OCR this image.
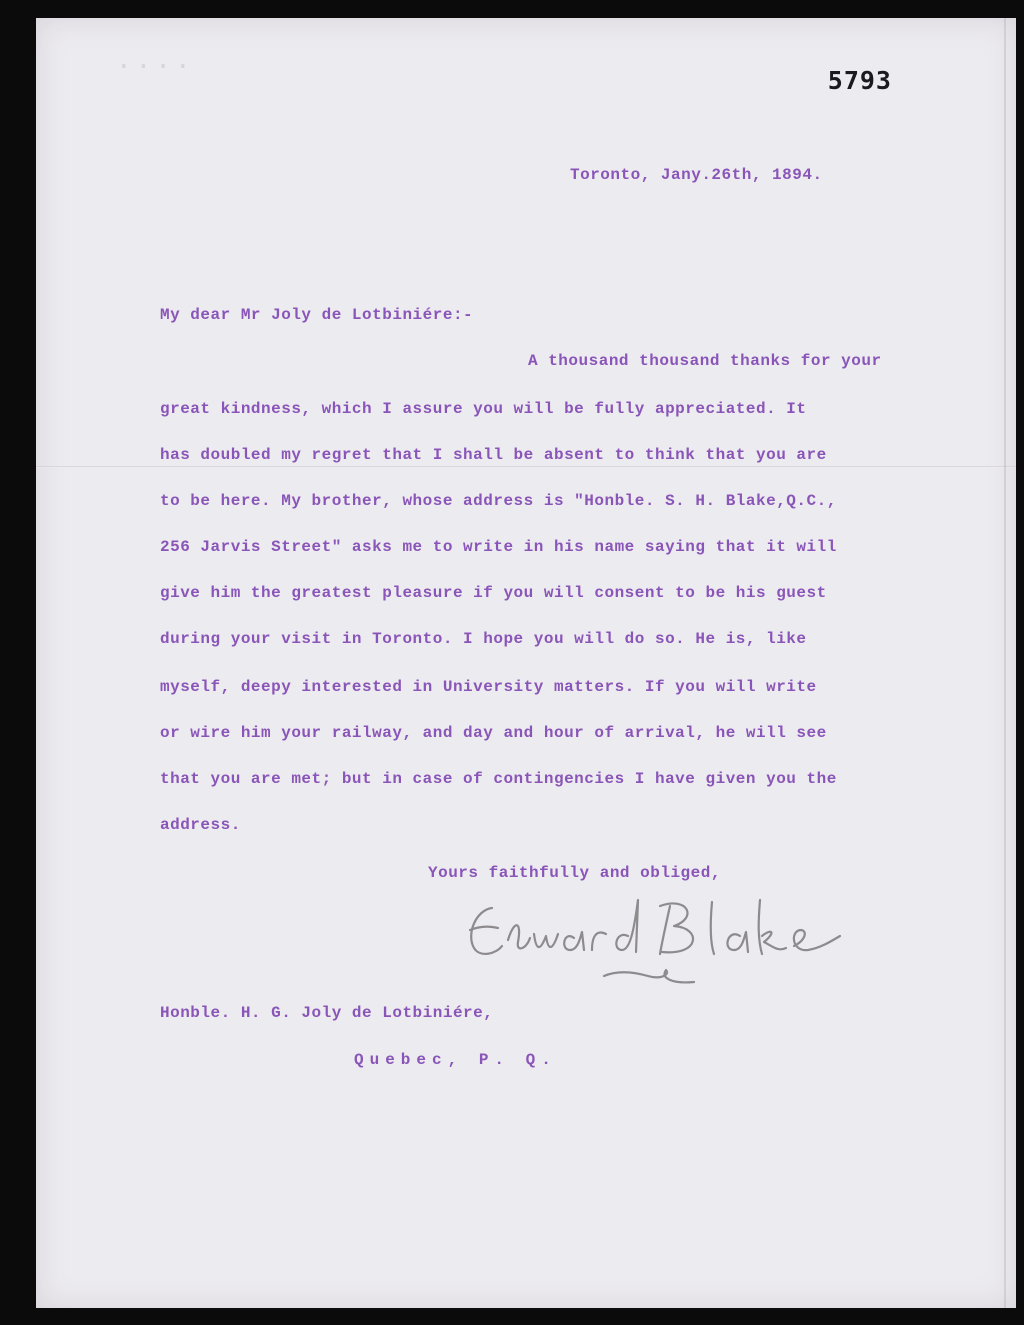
····	5793
Toronto, Jany.26th, 1894.
My dear Mr Joly de Lotbiniére:-
A thousand thousand thanks for your
great kindness, which I assure you will be fully appreciated. It
has doubled my regret that I shall be absent to think that you are
to be here. My brother, whose address is "Honble. S. H. Blake,Q.C.,
256 Jarvis Street" asks me to write in his name saying that it will
give him the greatest pleasure if you will consent to be his guest
during your visit in Toronto. I hope you will do so. He is, like
myself, deepy interested in University matters. If you will write
or wire him your railway, and day and hour of arrival, he will see
that you are met; but in case of contingencies I have given you the
address.
Yours faithfully and obliged,
Honble. H. G. Joly de Lotbiniére,
Quebec, P. Q.
